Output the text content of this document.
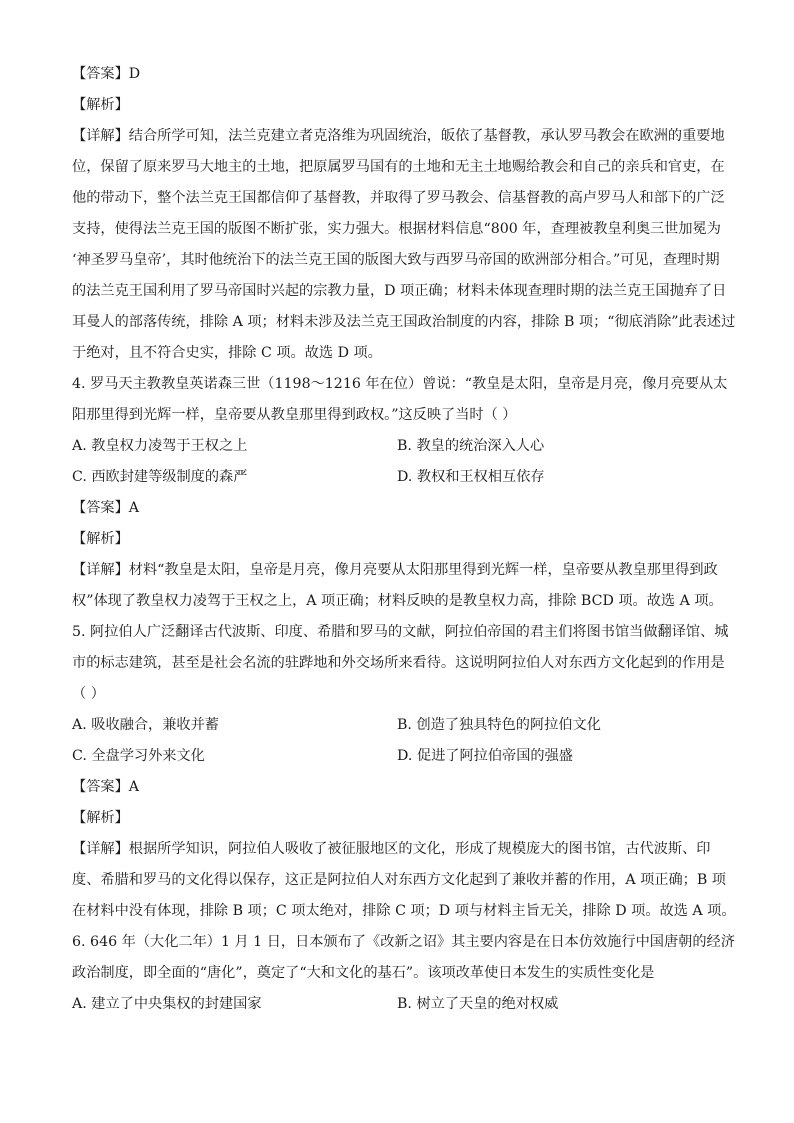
【答案】D
【解析】
【详解】结合所学可知，法兰克建立者克洛维为巩固统治，皈依了基督教，承认罗马教会在欧洲的重要地
位，保留了原来罗马大地主的土地，把原属罗马国有的土地和无主土地赐给教会和自己的亲兵和官吏，在
他的带动下，整个法兰克王国都信仰了基督教，并取得了罗马教会、信基督教的高卢罗马人和部下的广泛
支持，使得法兰克王国的版图不断扩张，实力强大。根据材料信息“800 年，查理被教皇利奥三世加冕为
‘神圣罗马皇帝’，其时他统治下的法兰克王国的版图大致与西罗马帝国的欧洲部分相合。”可见，查理时期
的法兰克王国利用了罗马帝国时兴起的宗教力量，D 项正确；材料未体现查理时期的法兰克王国抛弃了日
耳曼人的部落传统，排除 A 项；材料未涉及法兰克王国政治制度的内容，排除 B 项；“彻底消除”此表述过
于绝对，且不符合史实，排除 C 项。故选 D 项。
4. 罗马天主教教皇英诺森三世（1198～1216 年在位）曾说：“教皇是太阳，皇帝是月亮，像月亮要从太
阳那里得到光辉一样，皇帝要从教皇那里得到政权。”这反映了当时（ ）
A. 教皇权力凌驾于王权之上	B. 教皇的统治深入人心
C. 西欧封建等级制度的森严	D. 教权和王权相互依存
【答案】A
【解析】
【详解】材料“教皇是太阳，皇帝是月亮，像月亮要从太阳那里得到光辉一样，皇帝要从教皇那里得到政
权”体现了教皇权力凌驾于王权之上，A 项正确；材料反映的是教皇权力高，排除 BCD 项。故选 A 项。
5. 阿拉伯人广泛翻译古代波斯、印度、希腊和罗马的文献，阿拉伯帝国的君主们将图书馆当做翻译馆、城
市的标志建筑，甚至是社会名流的驻跸地和外交场所来看待。这说明阿拉伯人对东西方文化起到的作用是
（ ）
A. 吸收融合，兼收并蓄	B. 创造了独具特色的阿拉伯文化
C. 全盘学习外来文化	D. 促进了阿拉伯帝国的强盛
【答案】A
【解析】
【详解】根据所学知识，阿拉伯人吸收了被征服地区的文化，形成了规模庞大的图书馆，古代波斯、印
度、希腊和罗马的文化得以保存，这正是阿拉伯人对东西方文化起到了兼收并蓄的作用，A 项正确；B 项
在材料中没有体现，排除 B 项；C 项太绝对，排除 C 项；D 项与材料主旨无关，排除 D 项。故选 A 项。
6. 646 年（大化二年）1 月 1 日，日本颁布了《改新之诏》其主要内容是在日本仿效施行中国唐朝的经济
政治制度，即全面的“唐化”，奠定了“大和文化的基石”。该项改革使日本发生的实质性变化是
A. 建立了中央集权的封建国家	B. 树立了天皇的绝对权威
